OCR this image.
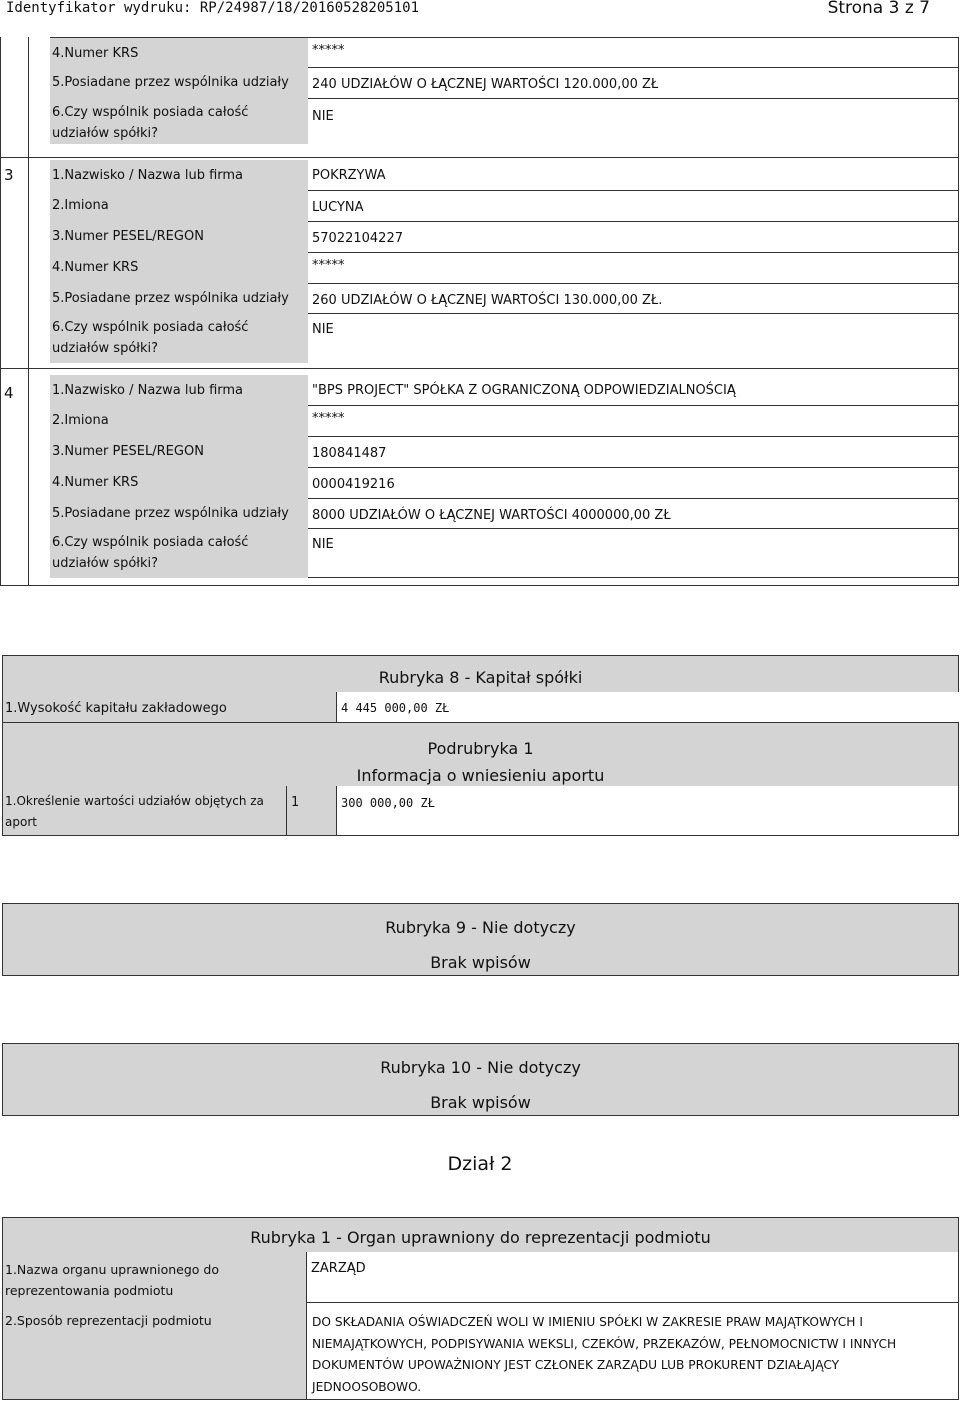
Identyfikator wydruku: RP/24987/18/20160528205101	Strona 3 z 7
4.Numer KRS	*****
5.Posiadane przez wspólnika udziały	240 UDZIAŁÓW O ŁĄCZNEJ WARTOŚCI 120.000,00 ZŁ
6.Czy wspólnik posiada całość
udziałów spółki?
NIE
3	1.Nazwisko / Nazwa lub firma	POKRZYWA
2.Imiona	LUCYNA
3.Numer PESEL/REGON	57022104227
4.Numer KRS	*****
5.Posiadane przez wspólnika udziały	260 UDZIAŁÓW O ŁĄCZNEJ WARTOŚCI 130.000,00 ZŁ.
6.Czy wspólnik posiada całość
udziałów spółki?
NIE
4	1.Nazwisko / Nazwa lub firma	"BPS PROJECT" SPÓŁKA Z OGRANICZONĄ ODPOWIEDZIALNOŚCIĄ
2.Imiona	*****
3.Numer PESEL/REGON	180841487
4.Numer KRS	0000419216
5.Posiadane przez wspólnika udziały	8000 UDZIAŁÓW O ŁĄCZNEJ WARTOŚCI 4000000,00 ZŁ
6.Czy wspólnik posiada całość
udziałów spółki?
NIE
Rubryka 8 - Kapitał spółki
1.Wysokość kapitału zakładowego	4 445 000,00 ZŁ
Podrubryka 1
Informacja o wniesieniu aportu
1.Określenie wartości udziałów objętych za
aport
1	300 000,00 ZŁ
Rubryka 9 - Nie dotyczy
Brak wpisów
Rubryka 10 - Nie dotyczy
Brak wpisów
Dział 2
Rubryka 1 - Organ uprawniony do reprezentacji podmiotu
1.Nazwa organu uprawnionego do
reprezentowania podmiotu
ZARZĄD
2.Sposób reprezentacji podmiotu	DO SKŁADANIA OŚWIADCZEŃ WOLI W IMIENIU SPÓŁKI W ZAKRESIE PRAW MAJĄTKOWYCH I
NIEMAJĄTKOWYCH, PODPISYWANIA WEKSLI, CZEKÓW, PRZEKAZÓW, PEŁNOMOCNICTW I INNYCH
DOKUMENTÓW UPOWAŻNIONY JEST CZŁONEK ZARZĄDU LUB PROKURENT DZIAŁAJĄCY
JEDNOOSOBOWO.
